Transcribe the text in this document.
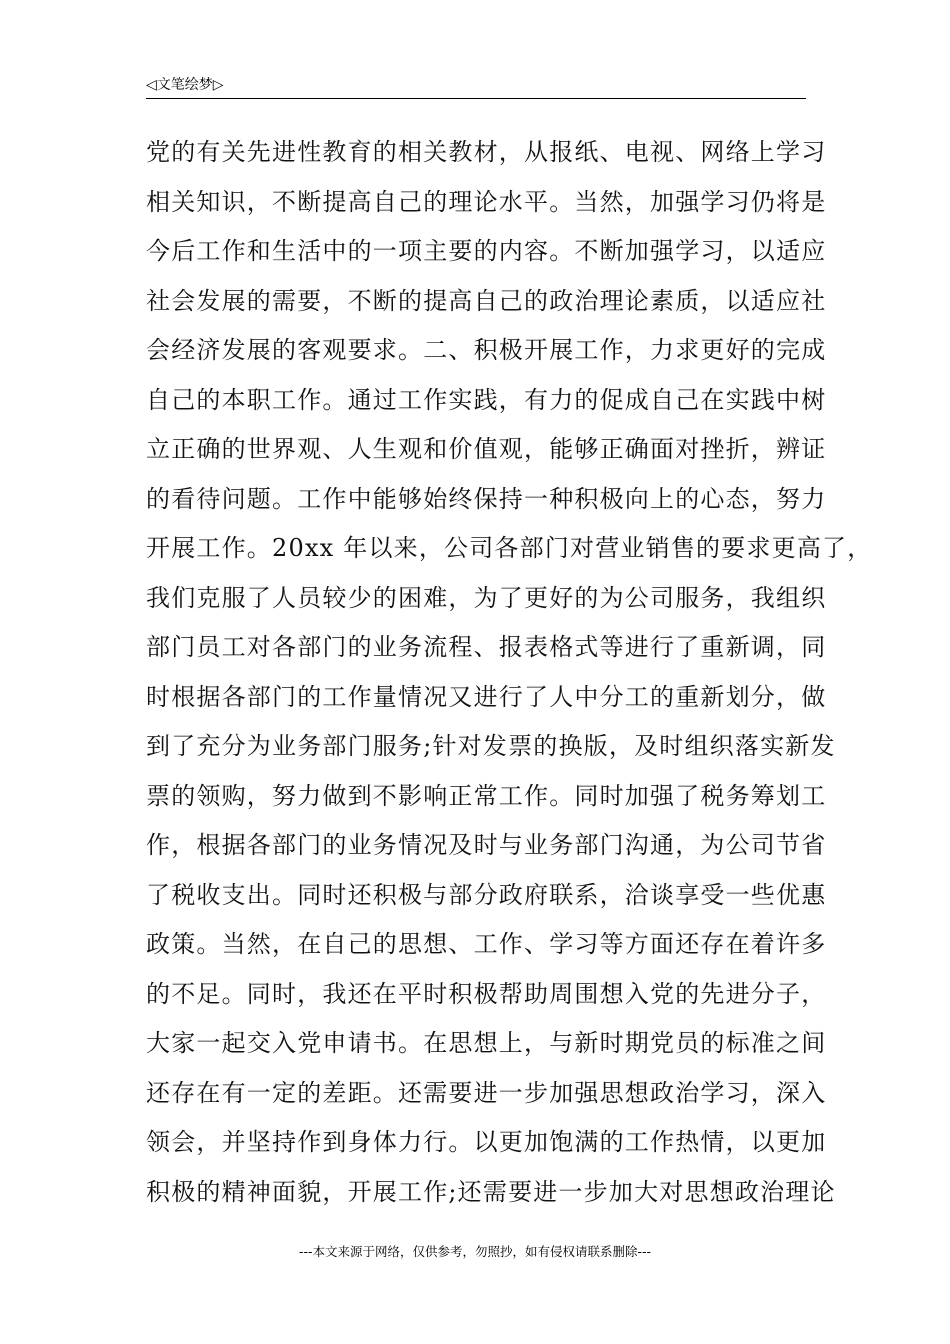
◁文笔绘梦▷
党的有关先进性教育的相关教材，从报纸、电视、网络上学习
相关知识，不断提高自己的理论水平。当然，加强学习仍将是
今后工作和生活中的一项主要的内容。不断加强学习，以适应
社会发展的需要，不断的提高自己的政治理论素质，以适应社
会经济发展的客观要求。二、积极开展工作，力求更好的完成
自己的本职工作。通过工作实践，有力的促成自己在实践中树
立正确的世界观、人生观和价值观，能够正确面对挫折，辨证
的看待问题。工作中能够始终保持一种积极向上的心态，努力
开展工作。20xx 年以来，公司各部门对营业销售的要求更高了，
我们克服了人员较少的困难，为了更好的为公司服务，我组织
部门员工对各部门的业务流程、报表格式等进行了重新调，同
时根据各部门的工作量情况又进行了人中分工的重新划分，做
到了充分为业务部门服务;针对发票的换版，及时组织落实新发
票的领购，努力做到不影响正常工作。同时加强了税务筹划工
作，根据各部门的业务情况及时与业务部门沟通，为公司节省
了税收支出。同时还积极与部分政府联系，洽谈享受一些优惠
政策。当然，在自己的思想、工作、学习等方面还存在着许多
的不足。同时，我还在平时积极帮助周围想入党的先进分子，
大家一起交入党申请书。在思想上，与新时期党员的标准之间
还存在有一定的差距。还需要进一步加强思想政治学习，深入
领会，并坚持作到身体力行。以更加饱满的工作热情，以更加
积极的精神面貌，开展工作;还需要进一步加大对思想政治理论
---本文来源于网络，仅供参考，勿照抄，如有侵权请联系删除---
